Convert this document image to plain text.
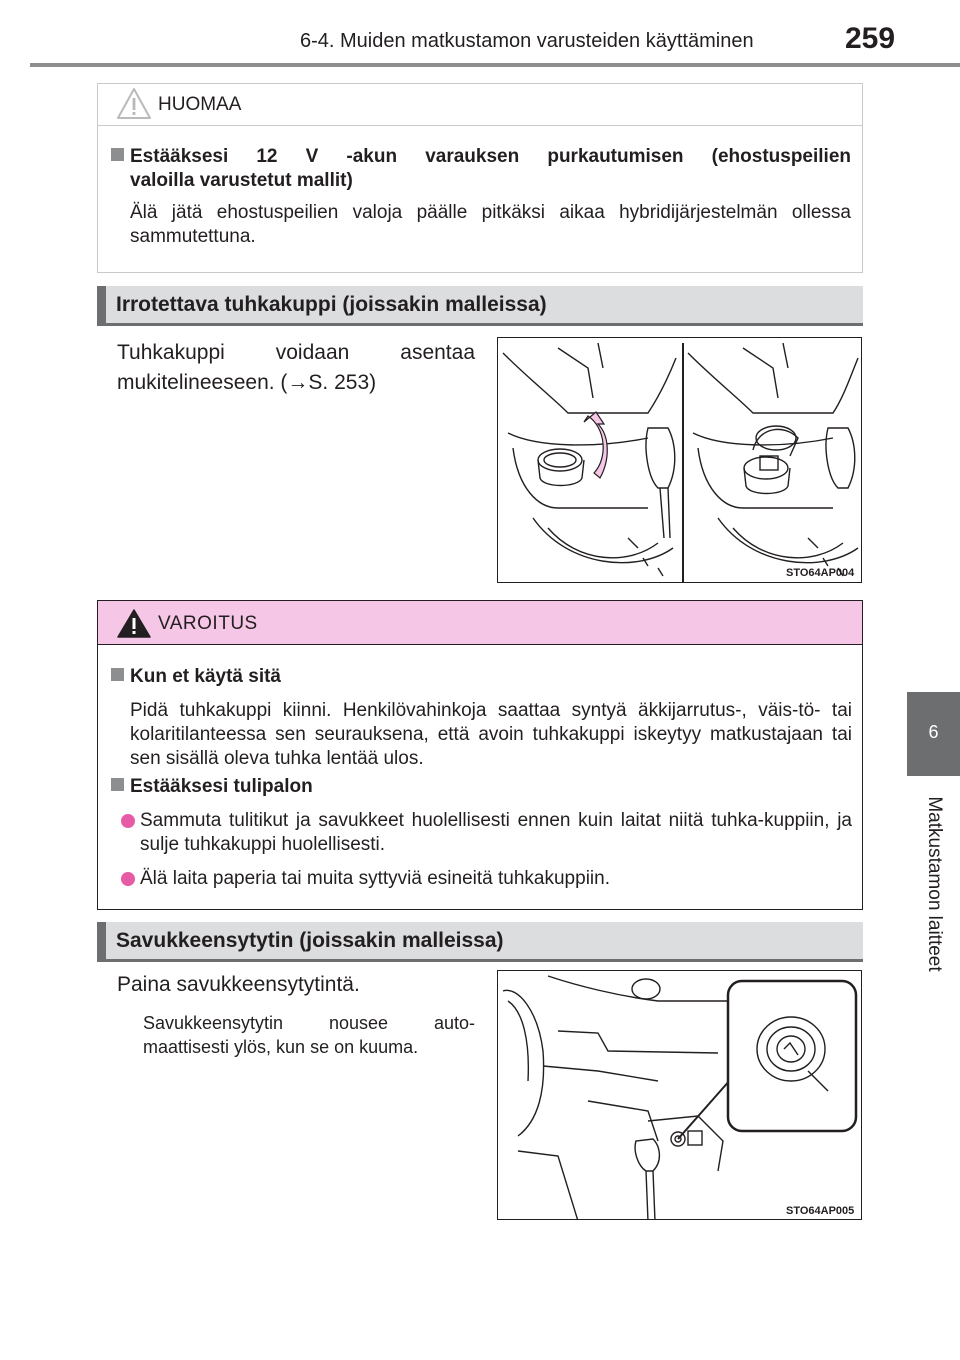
6-4. Muiden matkustamon varusteiden käyttäminen	259
6
Matkustamon laitteet
HUOMAA
Estääksesi 12 V -akun varauksen purkautumisen (ehostuspeilien
valoilla varustetut mallit)
Älä jätä ehostuspeilien valoja päälle pitkäksi aikaa hybridijärjestelmän ollessa sammutettuna.
Irrotettava tuhkakuppi (joissakin malleissa)
Tuhkakuppi voidaan asentaa
mukitelineeseen. (→S. 253)
STO64AP004
VAROITUS
Kun et käytä sitä
Pidä tuhkakuppi kiinni. Henkilövahinkoja saattaa syntyä äkkijarrutus-, väis-tö- tai kolaritilanteessa sen seurauksena, että avoin tuhkakuppi iskeytyy matkustajaan tai sen sisällä oleva tuhka lentää ulos.
Estääksesi tulipalon
Sammuta tulitikut ja savukkeet huolellisesti ennen kuin laitat niitä tuhka-kuppiin, ja sulje tuhkakuppi huolellisesti.
Älä laita paperia tai muita syttyviä esineitä tuhkakuppiin.
Savukkeensytytin (joissakin malleissa)
Paina savukkeensytytintä.
Savukkeensytytin nousee auto-maattisesti ylös, kun se on kuuma.
STO64AP005
